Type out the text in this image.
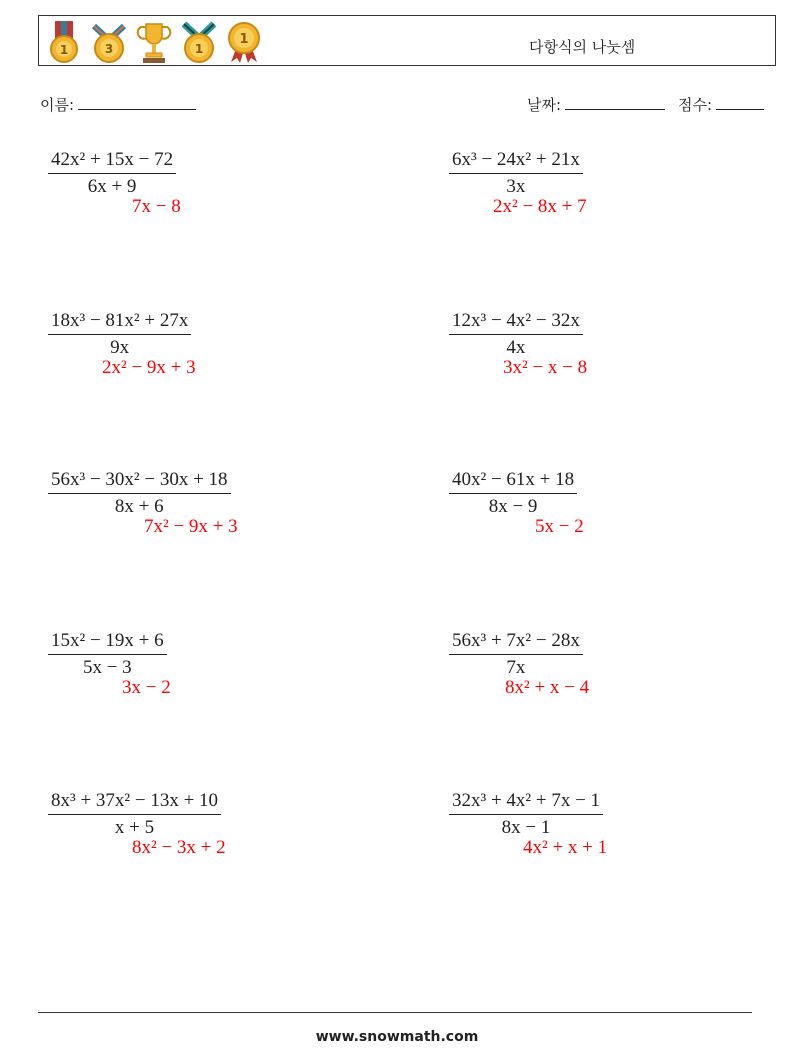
1	3	1
1	다항식의 나눗셈
이름:	날짜:	점수:
$\frac{\text{42x² + 15x − 72}}{6x + 9}$
7x − 8
$\frac{\text{6x³ − 24x² + 21x}}{3x}$
2x² − 8x + 7
$\frac{\text{18x³ − 81x² + 27x}}{9x}$
2x² − 9x + 3
$\frac{\text{12x³ − 4x² − 32x}}{4x}$
3x² − x − 8
$\frac{\text{56x³ − 30x² − 30x + 18}}{8x + 6}$
7x² − 9x + 3
$\frac{\text{40x² − 61x + 18}}{8x - 9}$
5x − 2
$\frac{\text{15x² − 19x + 6}}{5x - 3}$
3x − 2
$\frac{\text{56x³ + 7x² − 28x}}{7x}$
8x² + x − 4
$\frac{\text{8x³ + 37x² − 13x + 10}}{x + 5}$
8x² − 3x + 2
$\frac{\text{32x³ + 4x² + 7x − 1}}{8x - 1}$
4x² + x + 1
www.snowmath.com
